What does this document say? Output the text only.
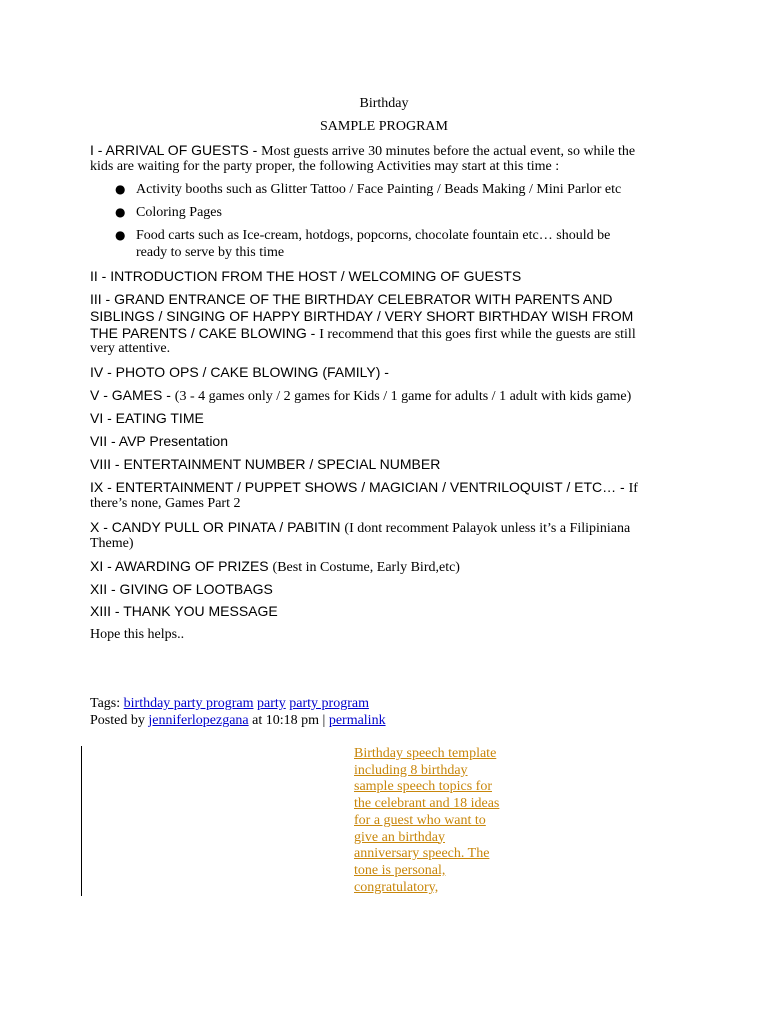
Birthday
SAMPLE PROGRAM
I - ARRIVAL OF GUESTS - Most guests arrive 30 minutes before the actual event, so while the
kids are waiting for the party proper, the following Activities may start at this time :
● Activity booths such as Glitter Tattoo / Face Painting / Beads Making / Mini Parlor etc
● Coloring Pages
● Food carts such as Ice-cream, hotdogs, popcorns, chocolate fountain etc… should be
ready to serve by this time
II - INTRODUCTION FROM THE HOST / WELCOMING OF GUESTS
III - GRAND ENTRANCE OF THE BIRTHDAY CELEBRATOR WITH PARENTS AND
SIBLINGS / SINGING OF HAPPY BIRTHDAY / VERY SHORT BIRTHDAY WISH FROM
THE PARENTS / CAKE BLOWING - I recommend that this goes first while the guests are still
very attentive.
IV - PHOTO OPS / CAKE BLOWING (FAMILY) -
V - GAMES - (3 - 4 games only / 2 games for Kids / 1 game for adults / 1 adult with kids game)
VI - EATING TIME
VII - AVP Presentation
VIII - ENTERTAINMENT NUMBER / SPECIAL NUMBER
IX - ENTERTAINMENT / PUPPET SHOWS / MAGICIAN / VENTRILOQUIST / ETC… - If
there’s none, Games Part 2
X - CANDY PULL OR PINATA / PABITIN (I dont recomment Palayok unless it’s a Filipiniana
Theme)
XI - AWARDING OF PRIZES (Best in Costume, Early Bird,etc)
XII - GIVING OF LOOTBAGS
XIII - THANK YOU MESSAGE
Hope this helps..
Tags: birthday party program party party program
Posted by jenniferlopezgana at 10:18 pm | permalink
Birthday speech template
including 8 birthday
sample speech topics for
the celebrant and 18 ideas
for a guest who want to
give an birthday
anniversary speech. The
tone is personal,
congratulatory,
